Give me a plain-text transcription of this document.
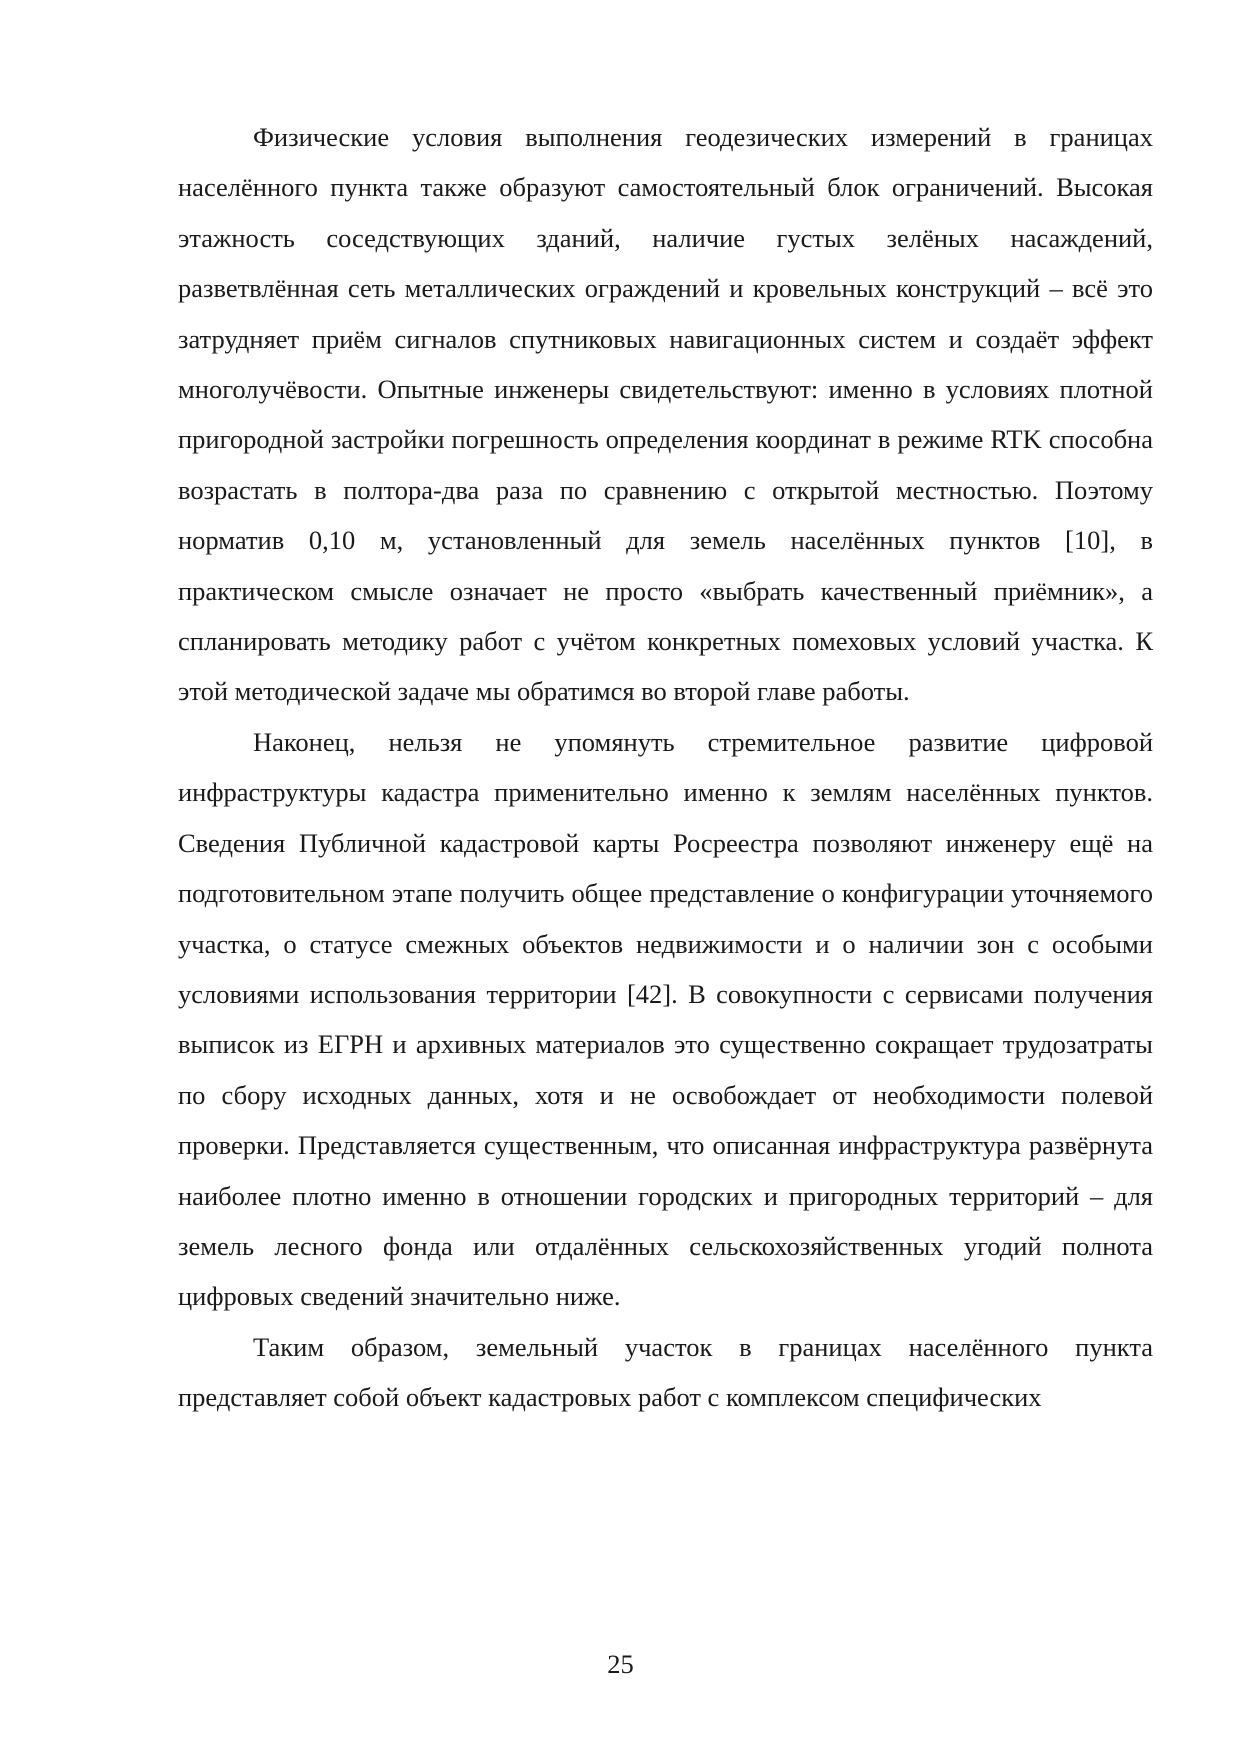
Физические условия выполнения геодезических измерений в границах населённого пункта также образуют самостоятельный блок ограничений. Высокая этажность соседствующих зданий, наличие густых зелёных насаждений, разветвлённая сеть металлических ограждений и кровельных конструкций – всё это затрудняет приём сигналов спутниковых навигационных систем и создаёт эффект многолучёвости. Опытные инженеры свидетельствуют: именно в условиях плотной пригородной застройки погрешность определения координат в режиме RTK способна возрастать в полтора-два раза по сравнению с открытой местностью. Поэтому норматив 0,10 м, установленный для земель населённых пунктов [10], в практическом смысле означает не просто «выбрать качественный приёмник», а спланировать методику работ с учётом конкретных помеховых условий участка. К этой методической задаче мы обратимся во второй главе работы.

Наконец, нельзя не упомянуть стремительное развитие цифровой инфраструктуры кадастра применительно именно к землям населённых пунктов. Сведения Публичной кадастровой карты Росреестра позволяют инженеру ещё на подготовительном этапе получить общее представление о конфигурации уточняемого участка, о статусе смежных объектов недвижимости и о наличии зон с особыми условиями использования территории [42]. В совокупности с сервисами получения выписок из ЕГРН и архивных материалов это существенно сокращает трудозатраты по сбору исходных данных, хотя и не освобождает от необходимости полевой проверки. Представляется существенным, что описанная инфраструктура развёрнута наиболее плотно именно в отношении городских и пригородных территорий – для земель лесного фонда или отдалённых сельскохозяйственных угодий полнота цифровых сведений значительно ниже.

Таким образом, земельный участок в границах населённого пункта представляет собой объект кадастровых работ с комплексом специфических

25
